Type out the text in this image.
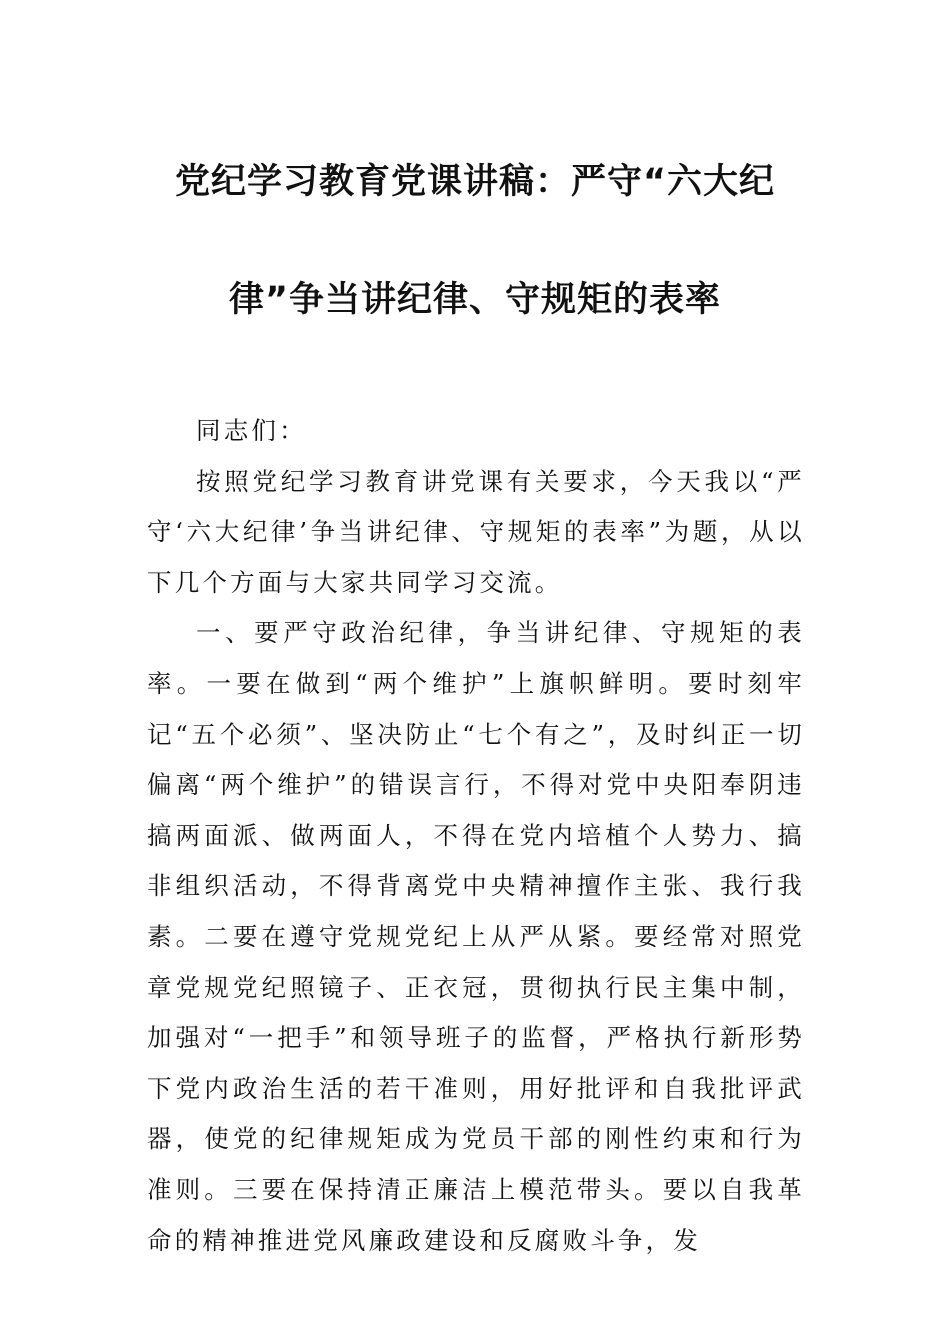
党纪学习教育党课讲稿：严守“六大纪
律”争当讲纪律、守规矩的表率

同志们：

按照党纪学习教育讲党课有关要求，今天我以“严守‘六大纪律’争当讲纪律、守规矩的表率”为题，从以下几个方面与大家共同学习交流。

一、要严守政治纪律，争当讲纪律、守规矩的表率。一要在做到“两个维护”上旗帜鲜明。要时刻牢记“五个必须”、坚决防止“七个有之”，及时纠正一切偏离“两个维护”的错误言行，不得对党中央阳奉阴违搞两面派、做两面人，不得在党内培植个人势力、搞非组织活动，不得背离党中央精神擅作主张、我行我素。二要在遵守党规党纪上从严从紧。要经常对照党章党规党纪照镜子、正衣冠，贯彻执行民主集中制，加强对“一把手”和领导班子的监督，严格执行新形势下党内政治生活的若干准则，用好批评和自我批评武器，使党的纪律规矩成为党员干部的刚性约束和行为准则。三要在保持清正廉洁上模范带头。要以自我革命的精神推进党风廉政建设和反腐败斗争，发
